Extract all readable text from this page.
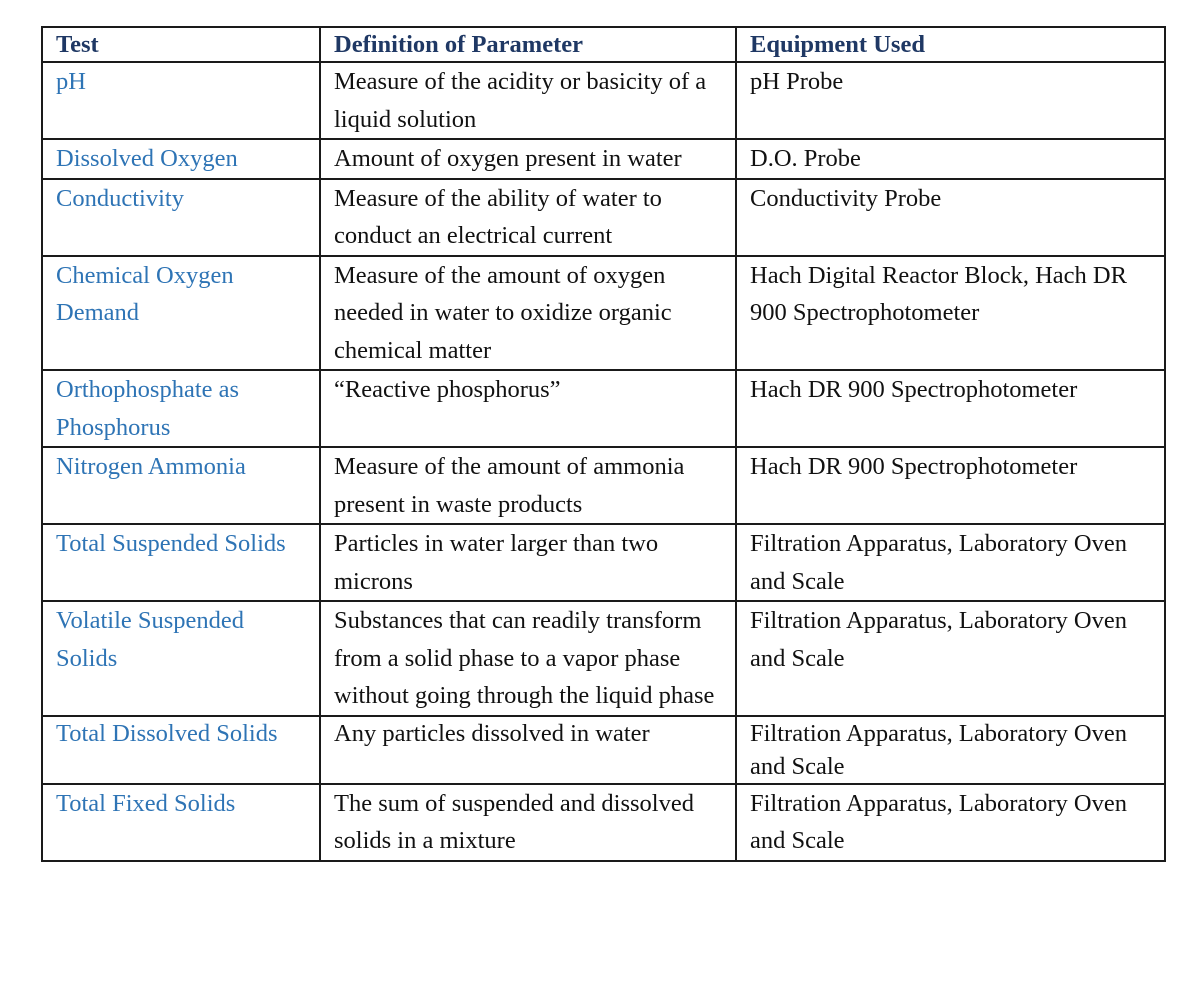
Test	Definition of Parameter	Equipment Used
pH	Measure of the acidity or basicity of a liquid solution	pH Probe
Dissolved Oxygen	Amount of oxygen present in water	D.O. Probe
Conductivity	Measure of the ability of water to conduct an electrical current	Conductivity Probe
Chemical Oxygen Demand	Measure of the amount of oxygen needed in water to oxidize organic chemical matter	Hach Digital Reactor Block, Hach DR 900 Spectrophotometer
Orthophosphate as Phosphorus	“Reactive phosphorus”	Hach DR 900 Spectrophotometer
Nitrogen Ammonia	Measure of the amount of ammonia present in waste products	Hach DR 900 Spectrophotometer
Total Suspended Solids	Particles in water larger than two microns	Filtration Apparatus, Laboratory Oven and Scale
Volatile Suspended Solids	Substances that can readily transform from a solid phase to a vapor phase without going through the liquid phase	Filtration Apparatus, Laboratory Oven and Scale
Total Dissolved Solids	Any particles dissolved in water	Filtration Apparatus, Laboratory Oven and Scale
Total Fixed Solids	The sum of suspended and dissolved solids in a mixture	Filtration Apparatus, Laboratory Oven and Scale
